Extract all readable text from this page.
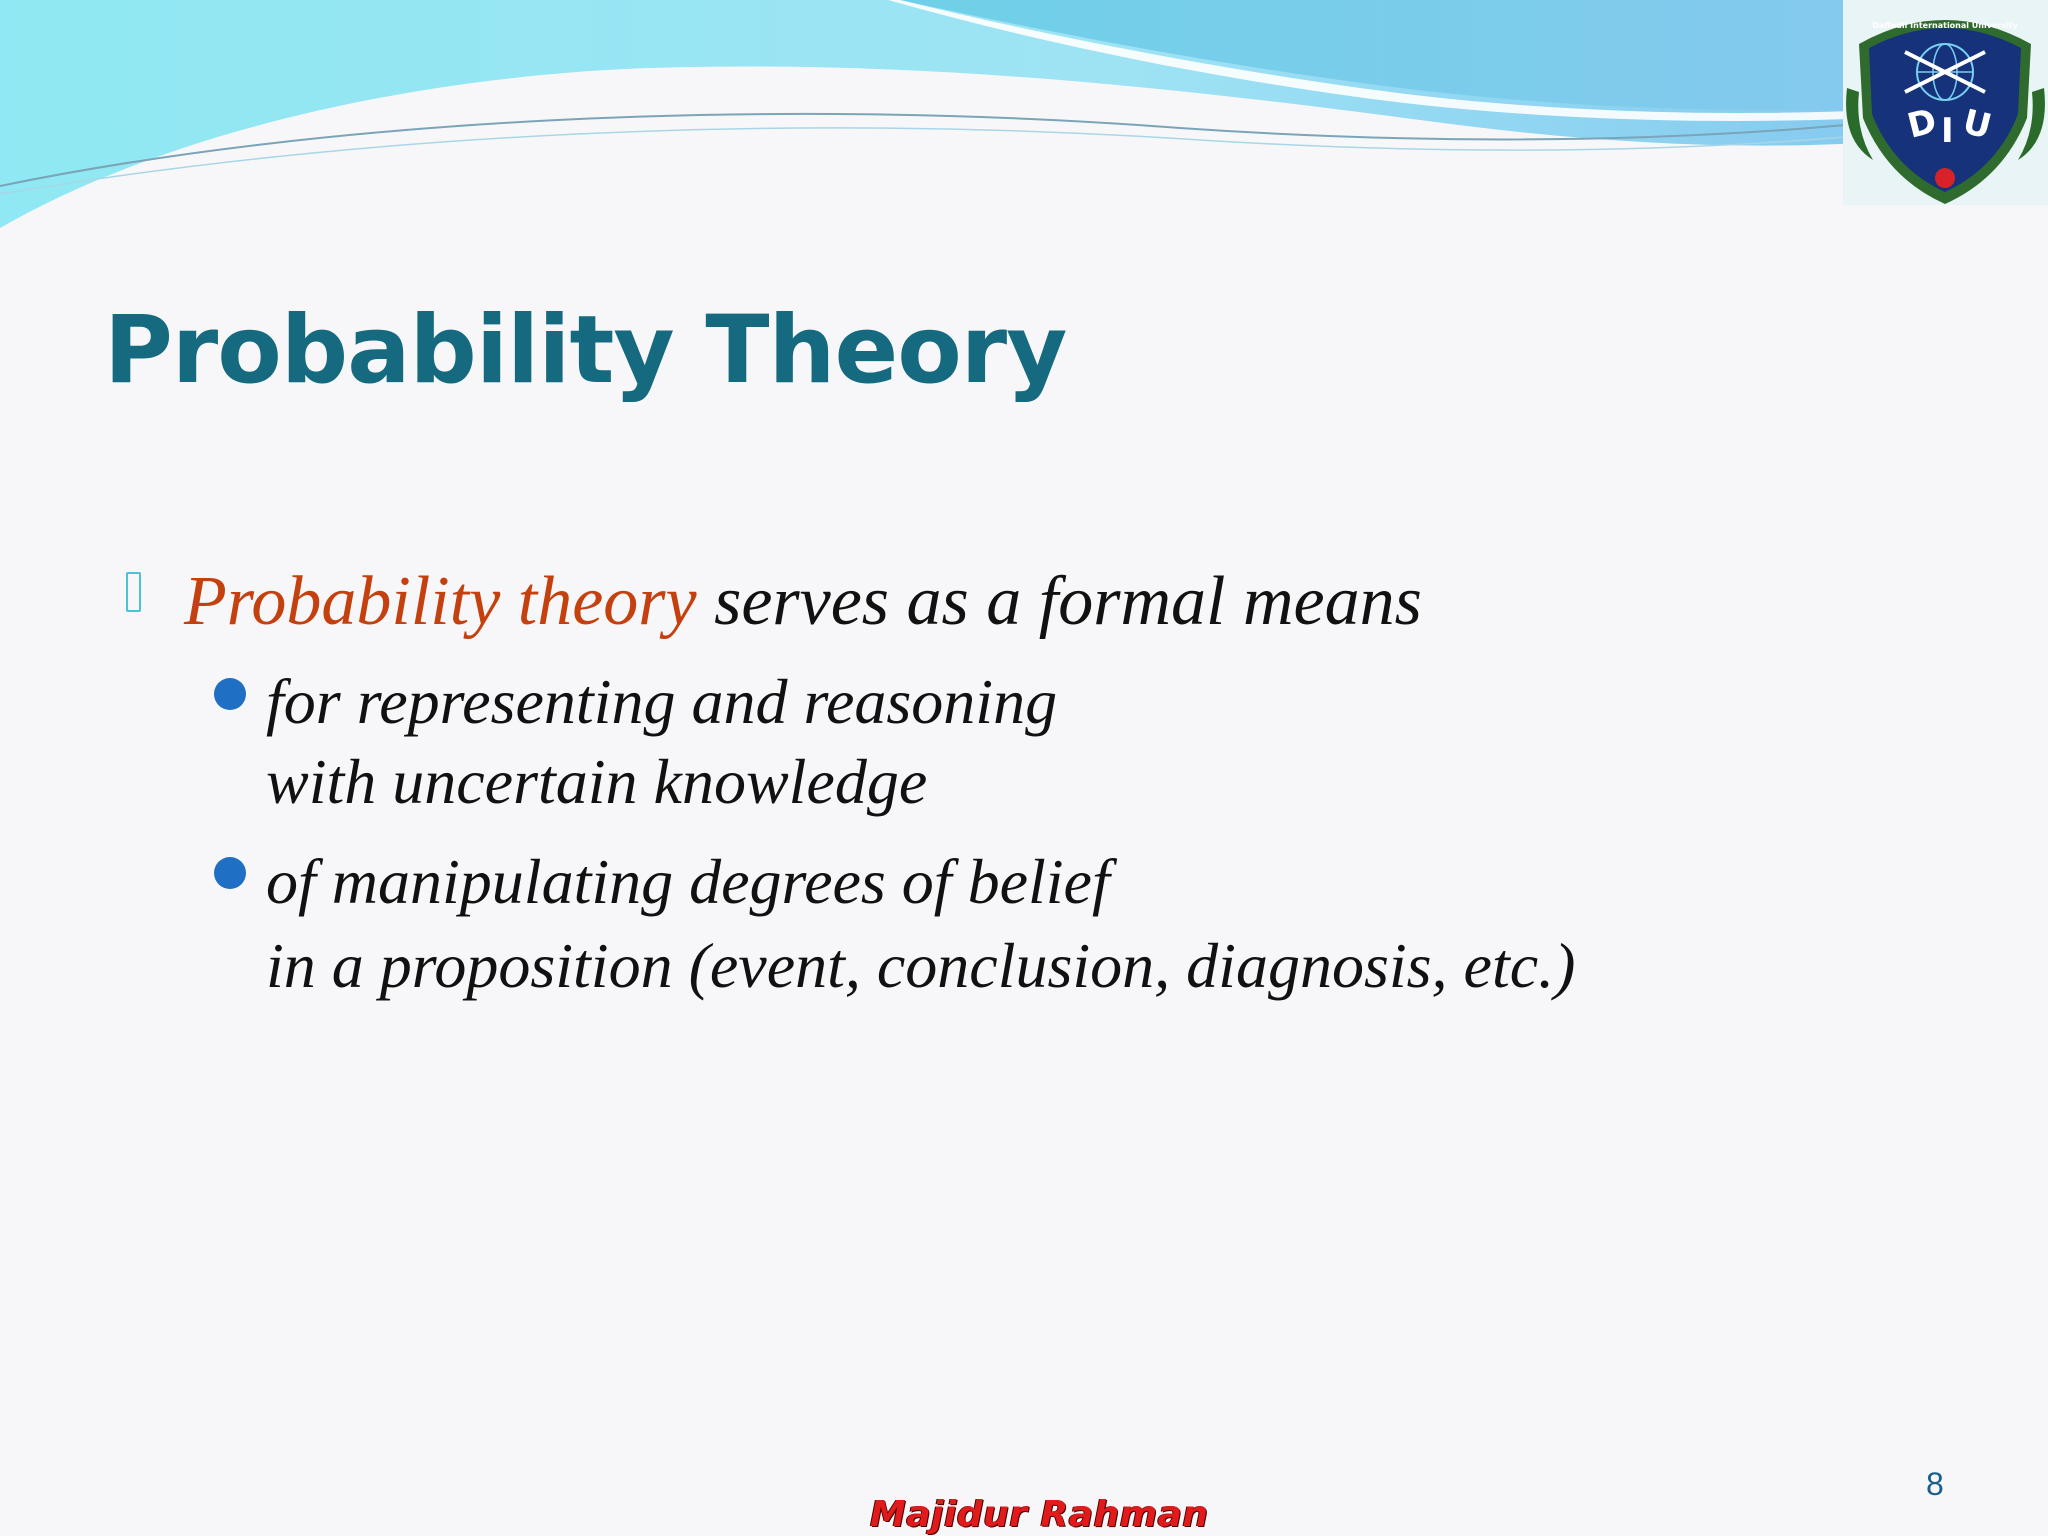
Daffodil International University
D I U
Probability Theory
Probability theory serves as a formal means
for representing and reasoning
with uncertain knowledge
of manipulating degrees of belief
in a proposition (event, conclusion, diagnosis, etc.)
Majidur Rahman
8
